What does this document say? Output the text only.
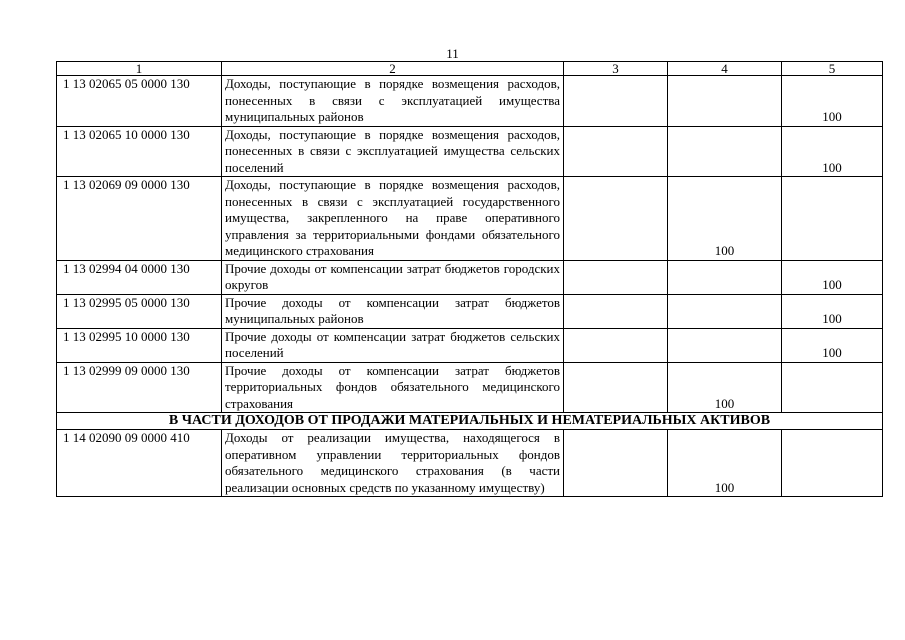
11
1	2	3	4	5
1 13 02065 05 0000 130	Доходы, поступающие в порядке возмещения расходов, понесенных в связи с эксплуатацией имущества муниципальных районов			100
1 13 02065 10 0000 130	Доходы, поступающие в порядке возмещения расходов, понесенных в связи с эксплуатацией имущества сельских поселений			100
1 13 02069 09 0000 130	Доходы, поступающие в порядке возмещения расходов, понесенных в связи с эксплуатацией государственного имущества, закрепленного на праве оперативного управления за территориальными фондами обязательного медицинского страхования		100	
1 13 02994 04 0000 130	Прочие доходы от компенсации затрат бюджетов городских округов			100
1 13 02995 05 0000 130	Прочие доходы от компенсации затрат бюджетов муниципальных районов			100
1 13 02995 10 0000 130	Прочие доходы от компенсации затрат бюджетов сельских поселений			100
1 13 02999 09 0000 130	Прочие доходы от компенсации затрат бюджетов территориальных фондов обязательного медицинского страхования		100	
В ЧАСТИ ДОХОДОВ ОТ ПРОДАЖИ МАТЕРИАЛЬНЫХ И НЕМАТЕРИАЛЬНЫХ АКТИВОВ				
1 14 02090 09 0000 410	Доходы от реализации имущества, находящегося в оперативном управлении территориальных фондов обязательного медицинского страхования (в части реализации основных средств по указанному имуществу)		100	
